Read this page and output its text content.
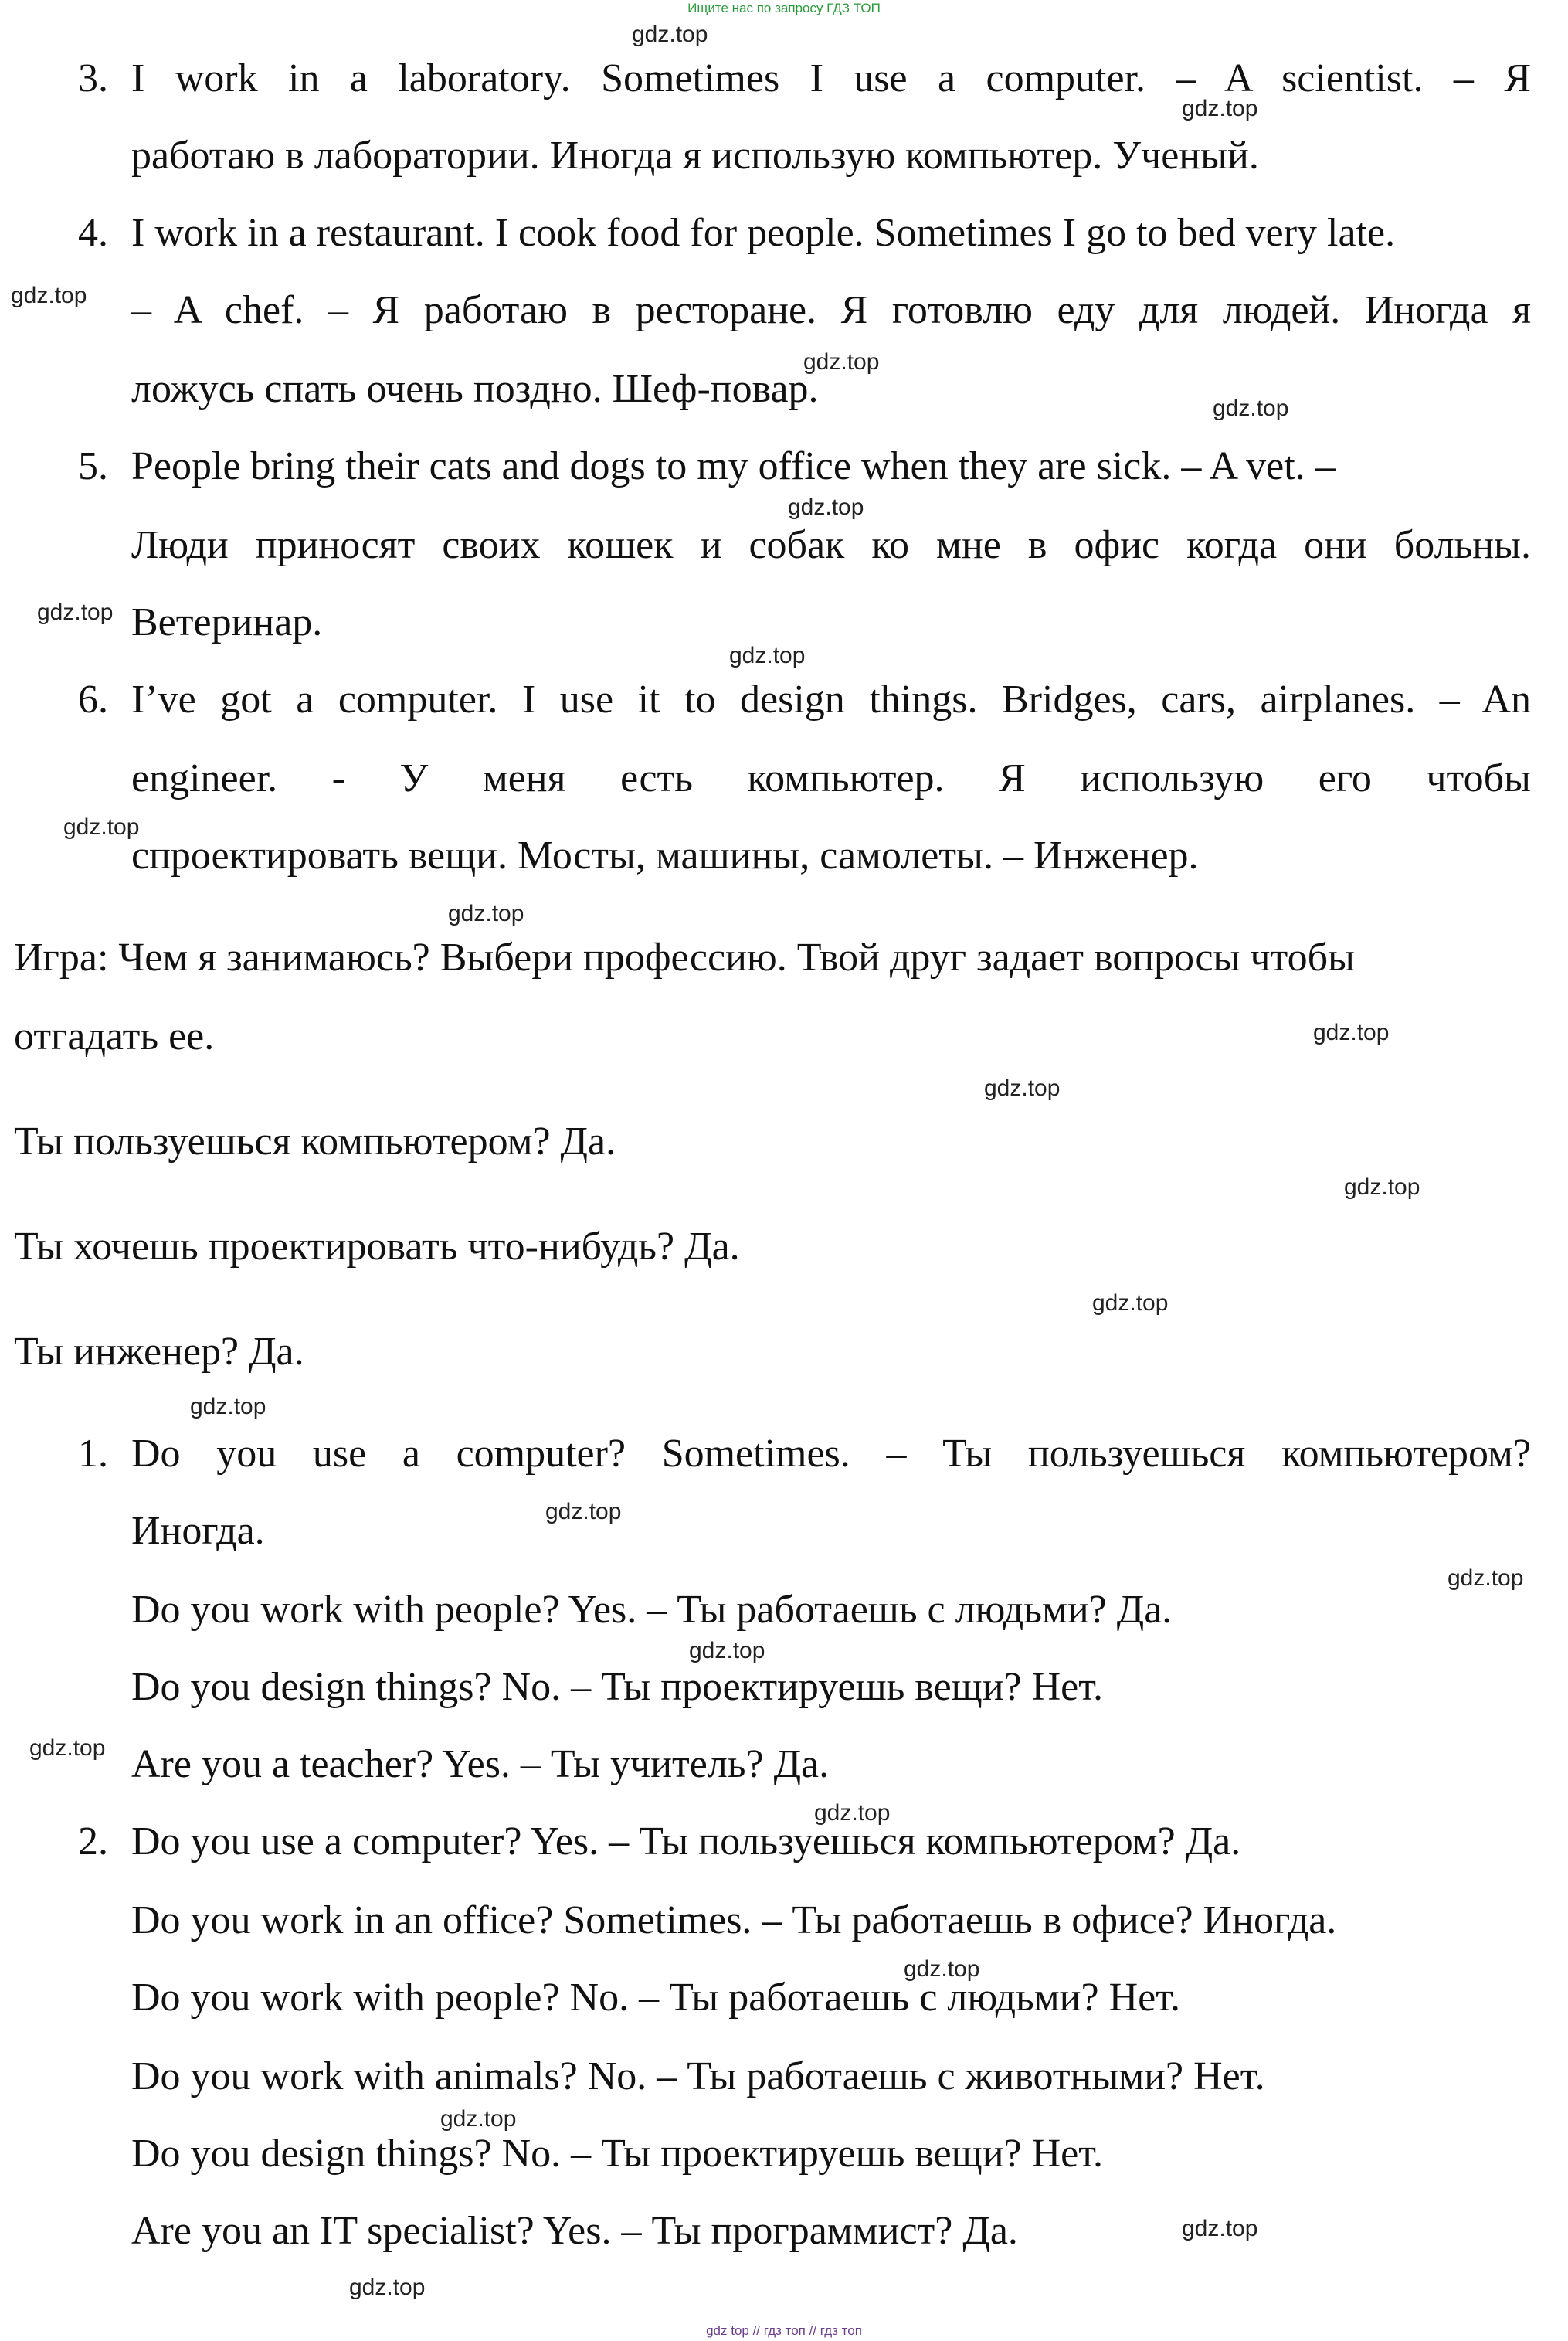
Ищите нас по запросу ГДЗ ТОП
3. I work in a laboratory. Sometimes I use a computer. – A scientist. – Я
работаю в лаборатории. Иногда я использую компьютер. Ученый.
4. I work in a restaurant. I cook food for people. Sometimes I go to bed very late.
– A chef. – Я работаю в ресторане. Я готовлю еду для людей. Иногда я
ложусь спать очень поздно. Шеф-повар.
5. People bring their cats and dogs to my office when they are sick. – A vet. –
Люди приносят своих кошек и собак ко мне в офис когда они больны.
Ветеринар.
6. I’ve got a computer. I use it to design things. Bridges, cars, airplanes. – An
engineer. - У меня есть компьютер. Я использую его чтобы
спроектировать вещи. Мосты, машины, самолеты. – Инженер.
Игра: Чем я занимаюсь? Выбери профессию. Твой друг задает вопросы чтобы
отгадать ее.
Ты пользуешься компьютером? Да.
Ты хочешь проектировать что-нибудь? Да.
Ты инженер? Да.
1. Do you use a computer? Sometimes. – Ты пользуешься компьютером?
Иногда.
Do you work with people? Yes. – Ты работаешь с людьми? Да.
Do you design things? No. – Ты проектируешь вещи? Нет.
Are you a teacher? Yes. – Ты учитель? Да.
2. Do you use a computer? Yes. – Ты пользуешься компьютером? Да.
Do you work in an office? Sometimes. – Ты работаешь в офисе? Иногда.
Do you work with people? No. – Ты работаешь с людьми? Нет.
Do you work with animals? No. – Ты работаешь с животными? Нет.
Do you design things? No. – Ты проектируешь вещи? Нет.
Are you an IT specialist? Yes. – Ты программист? Да.
gdz.top
gdz.top
gdz.top
gdz.top
gdz.top
gdz.top
gdz.top
gdz.top
gdz.top
gdz.top
gdz.top
gdz.top
gdz.top
gdz.top
gdz.top
gdz.top
gdz.top
gdz.top
gdz.top
gdz.top
gdz.top
gdz.top
gdz.top
gdz.top
gdz top // гдз топ // гдз топ
